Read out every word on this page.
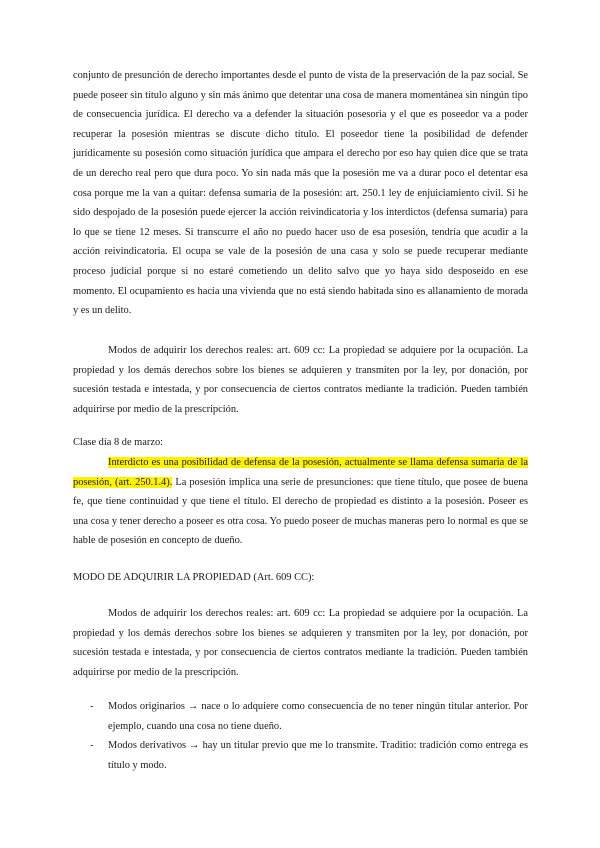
conjunto de presunción de derecho importantes desde el punto de vista de la preservación de la paz social. Se puede poseer sin título alguno y sin más ánimo que detentar una cosa de manera momentánea sin ningún tipo de consecuencia jurídica. El derecho va a defender la situación posesoria y el que es poseedor va a poder recuperar la posesión mientras se discute dicho título. El poseedor tiene la posibilidad de defender jurídicamente su posesión como situación jurídica que ampara el derecho por eso hay quien dice que se trata de un derecho real pero que dura poco. Yo sin nada más que la posesión me va a durar poco el detentar esa cosa porque me la van a quitar: defensa sumaria de la posesión: art. 250.1 ley de enjuiciamiento civil. Si he sido despojado de la posesión puede ejercer la acción reivindicatoria y los interdictos (defensa sumaria) para lo que se tiene 12 meses. Si transcurre el año no puedo hacer uso de esa posesión, tendría que acudir a la acción reivindicatoria. El ocupa se vale de la posesión de una casa y solo se puede recuperar mediante proceso judicial porque si no estaré cometiendo un delito salvo que yo haya sido desposeído en ese momento. El ocupamiento es hacia una vivienda que no está siendo habitada sino es allanamiento de morada y es un delito.

Modos de adquirir los derechos reales: art. 609 cc: La propiedad se adquiere por la ocupación. La propiedad y los demás derechos sobre los bienes se adquieren y transmiten por la ley, por donación, por sucesión testada e intestada, y por consecuencia de ciertos contratos mediante la tradición. Pueden también adquirirse por medio de la prescripción.

Clase día 8 de marzo:

Interdicto es una posibilidad de defensa de la posesión, actualmente se llama defensa sumaria de la posesión, (art. 250.1.4). La posesión implica una serie de presunciones: que tiene título, que posee de buena fe, que tiene continuidad y que tiene el título. El derecho de propiedad es distinto a la posesión. Poseer es una cosa y tener derecho a poseer es otra cosa. Yo puedo poseer de muchas maneras pero lo normal es que se hable de posesión en concepto de dueño.

MODO DE ADQUIRIR LA PROPIEDAD (Art. 609 CC):

Modos de adquirir los derechos reales: art. 609 cc: La propiedad se adquiere por la ocupación. La propiedad y los demás derechos sobre los bienes se adquieren y transmiten por la ley, por donación, por sucesión testada e intestada, y por consecuencia de ciertos contratos mediante la tradición. Pueden también adquirirse por medio de la prescripción.

- Modos originarios → nace o lo adquiere como consecuencia de no tener ningún titular anterior. Por ejemplo, cuando una cosa no tiene dueño.

- Modos derivativos → hay un titular previo que me lo transmite. Traditio: tradición como entrega es título y modo.
